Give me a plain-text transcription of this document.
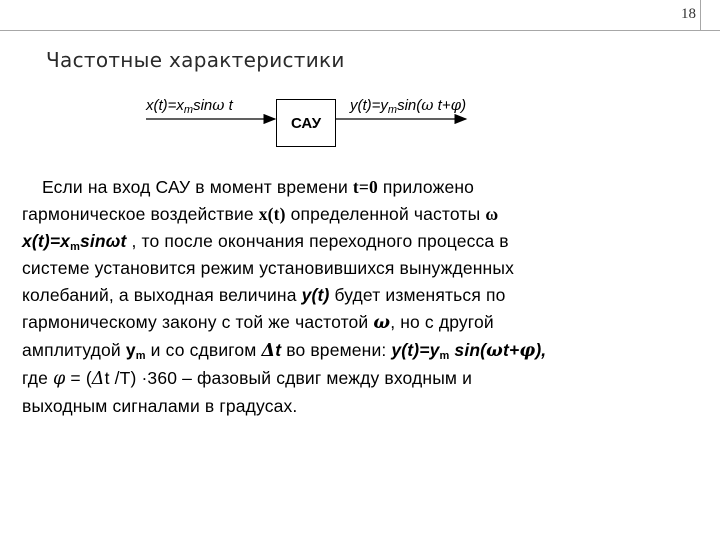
18
Частотные характеристики
$x(t)=x_m\sin\omega$ t
САУ
$y(t)=y_m\sin(\omega$ t+φ)
Если на вход САУ в момент времени t=0 приложено
гармоническое воздействие x(t) определенной частоты ω
$x(t)=x_m\sin\omega t$ , то после окончания переходного процесса в
системе установится режим установившихся вынужденных
колебаний, а выходная величина y(t) будет изменяться по
гармоническому закону с той же частотой ω, но с другой
амплитудой $y_m$ и со сдвигом Δt во времени: $y(t)=y_m$ sin(ωt+φ),
где φ = (Δt /T) ·360 – фазовый сдвиг между входным и
выходным сигналами в градусах.
